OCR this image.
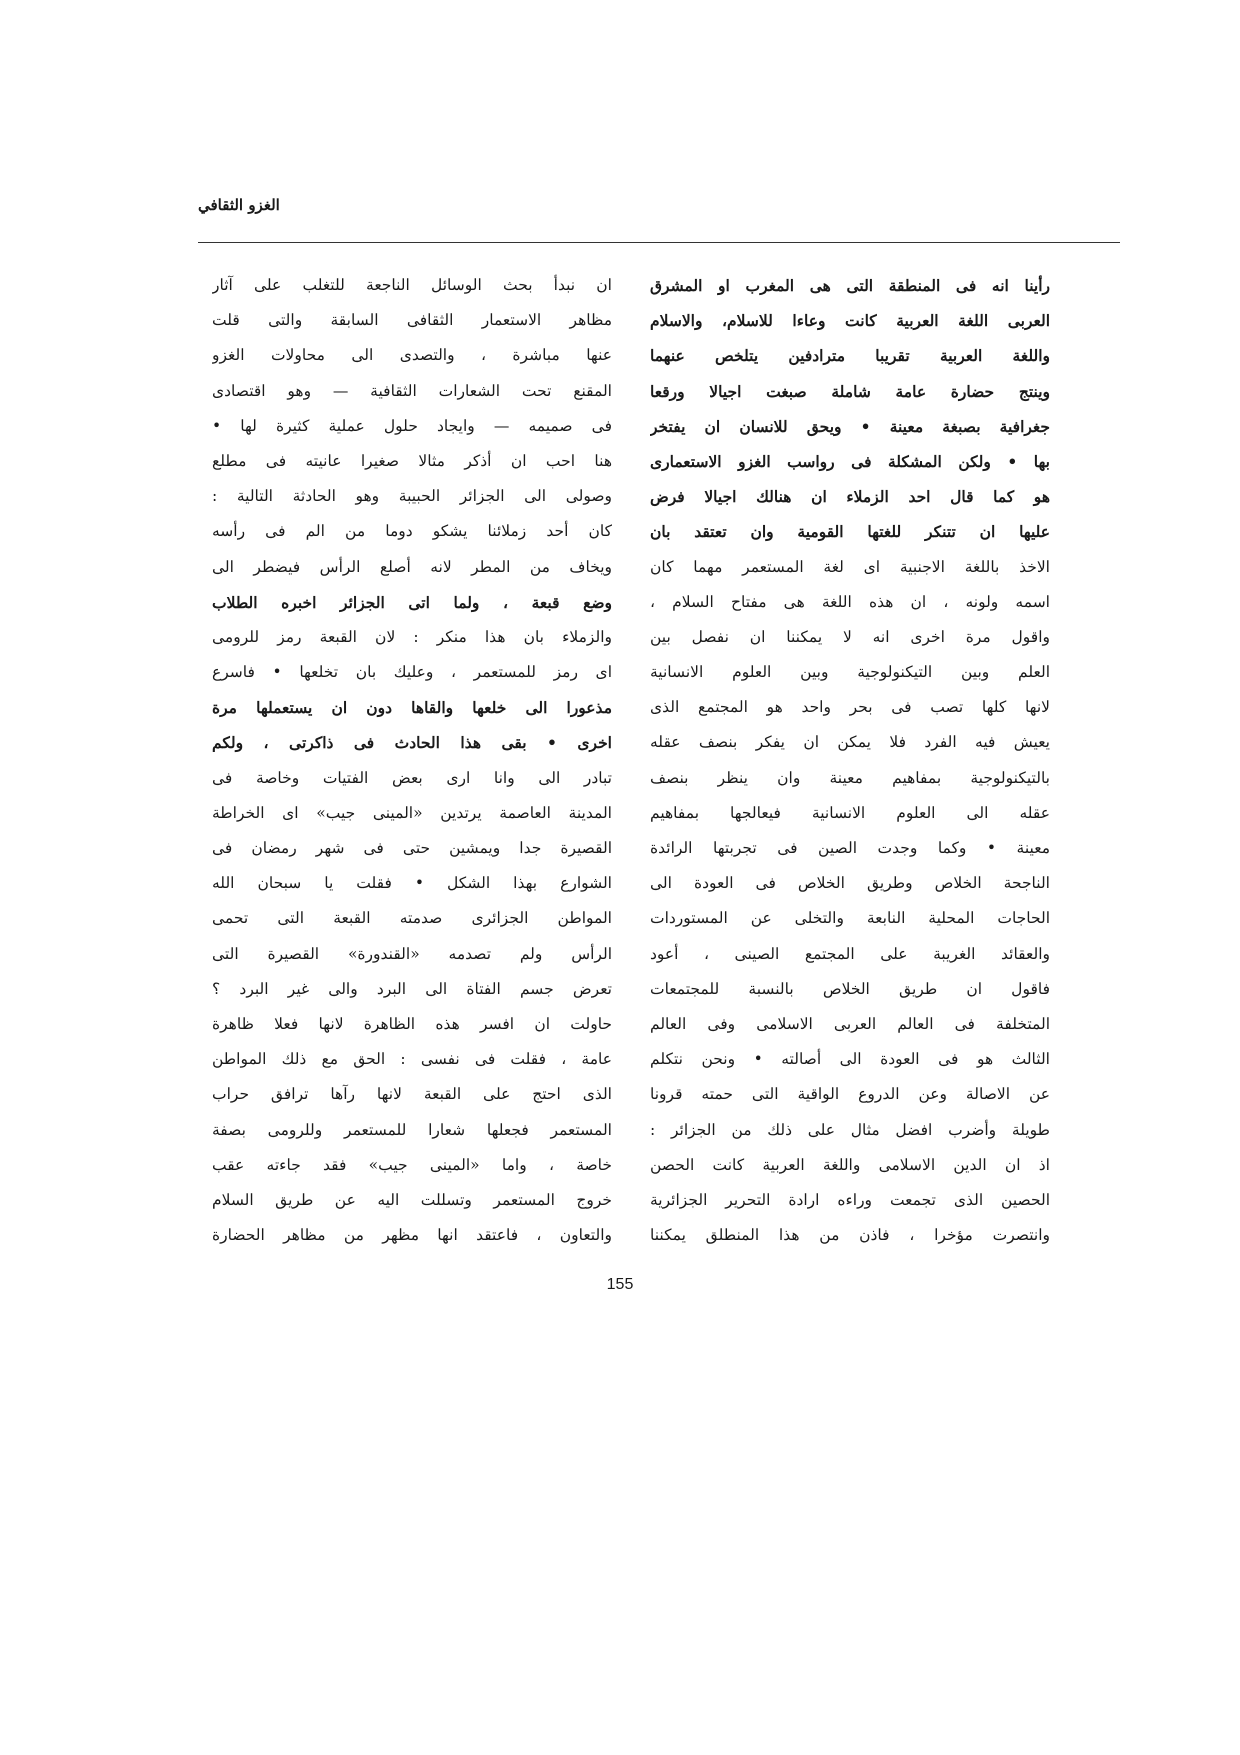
الغزو الثقافي
رأينا انه فى المنطقة التى هى المغرب او المشرق
العربى اللغة العربية كانت وعاءا للاسلام، والاسلام
واللغة العربية تقريبا مترادفين يتلخص عنهما
وينتج حضارة عامة شاملة صبغت اجيالا ورقعا
جغرافية بصبغة معينة • ويحق للانسان ان يفتخر
بها • ولكن المشكلة فى رواسب الغزو الاستعمارى
هو كما قال احد الزملاء ان هنالك اجيالا فرض
عليها ان تتنكر للغتها القومية وان تعتقد بان
الاخذ باللغة الاجنبية اى لغة المستعمر مهما كان
اسمه ولونه ، ان هذه اللغة هى مفتاح السلام ،
واقول مرة اخرى انه لا يمكننا ان نفصل بين
العلم وبين التيكنولوجية وبين العلوم الانسانية
لانها كلها تصب فى بحر واحد هو المجتمع الذى
يعيش فيه الفرد فلا يمكن ان يفكر بنصف عقله
بالتيكنولوجية بمفاهيم معينة وان ينظر بنصف
عقله الى العلوم الانسانية فيعالجها بمفاهيم
معينة • وكما وجدت الصين فى تجربتها الرائدة
الناجحة الخلاص وطريق الخلاص فى العودة الى
الحاجات المحلية النابعة والتخلى عن المستوردات
والعقائد الغريبة على المجتمع الصينى ، أعود
فاقول ان طريق الخلاص بالنسبة للمجتمعات
المتخلفة فى العالم العربى الاسلامى وفى العالم
الثالث هو فى العودة الى أصالته • ونحن نتكلم
عن الاصالة وعن الدروع الواقية التى حمته قرونا
طويلة وأضرب افضل مثال على ذلك من الجزائر :
اذ ان الدين الاسلامى واللغة العربية كانت الحصن
الحصين الذى تجمعت وراءه ارادة التحرير الجزائرية
وانتصرت مؤخرا ، فاذن من هذا المنطلق يمكننا
ان نبدأ بحث الوسائل الناجعة للتغلب على آثار
مظاهر الاستعمار الثقافى السابقة والتى قلت
عنها مباشرة ، والتصدى الى محاولات الغزو
المقنع تحت الشعارات الثقافية — وهو اقتصادى
فى صميمه — وايجاد حلول عملية كثيرة لها •
هنا احب ان أذكر مثالا صغيرا عانيته فى مطلع
وصولى الى الجزائر الحبيبة وهو الحادثة التالية :
كان أحد زملائنا يشكو دوما من الم فى رأسه
ويخاف من المطر لانه أصلع الرأس فيضطر الى
وضع قبعة ، ولما اتى الجزائر اخبره الطلاب
والزملاء بان هذا منكر : لان القبعة رمز للرومى
اى رمز للمستعمر ، وعليك بان تخلعها • فاسرع
مذعورا الى خلعها والقاها دون ان يستعملها مرة
اخرى • بقى هذا الحادث فى ذاكرتى ، ولكم
تبادر الى وانا ارى بعض الفتيات وخاصة فى
المدينة العاصمة يرتدين «المينى جيب» اى الخراطة
القصيرة جدا ويمشين حتى فى شهر رمضان فى
الشوارع بهذا الشكل • فقلت يا سبحان الله
المواطن الجزائرى صدمته القبعة التى تحمى
الرأس ولم تصدمه «القندورة» القصيرة التى
تعرض جسم الفتاة الى البرد والى غير البرد ؟
حاولت ان افسر هذه الظاهرة لانها فعلا ظاهرة
عامة ، فقلت فى نفسى : الحق مع ذلك المواطن
الذى احتج على القبعة لانها رآها ترافق حراب
المستعمر فجعلها شعارا للمستعمر وللرومى بصفة
خاصة ، واما «المينى جيب» فقد جاءته عقب
خروج المستعمر وتسللت اليه عن طريق السلام
والتعاون ، فاعتقد انها مظهر من مظاهر الحضارة
155
